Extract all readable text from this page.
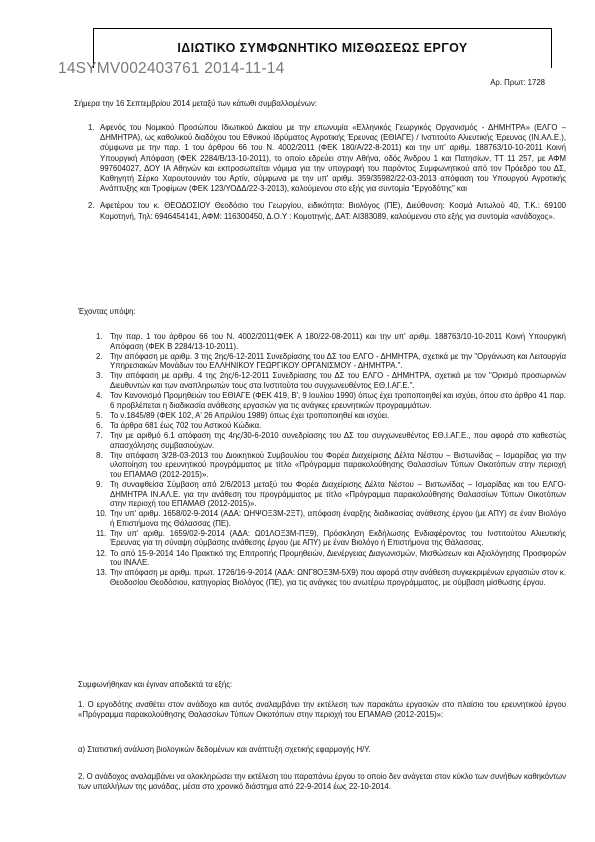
ΙΔΙΩΤΙΚΟ ΣΥΜΦΩΝΗΤΙΚΟ ΜΙΣΘΩΣΕΩΣ ΕΡΓΟΥ
14SYMV002403761 2014-11-14
Αρ. Πρωτ: 1728
Σήμερα την 16 Σεπτεμβρίου 2014 μεταξύ των κάτωθι συμβαλλομένων:
1. Αφενός του Νομικού Προσώπου Ιδιωτικού Δικαίου με την επωνυμία «Ελληνικός Γεωργικός Οργανισμός - ΔΗΜΗΤΡΑ» (ΕΛΓΟ – ΔΗΜΗΤΡΑ), ως καθολικού διαδόχου του Εθνικού Ιδρύματος Αγροτικής Έρευνας (ΕΘΙΑΓΕ) / Ινστιτούτο Αλιευτικής Έρευνας (ΙΝ.ΑΛ.Ε.), σύμφωνα με την παρ. 1 του άρθρου 66 του Ν. 4002/2011 (ΦΕΚ 180/Α/22-8-2011) και την υπ' αριθμ. 188763/10-10-2011 Κοινή Υπουργική Απόφαση (ΦΕΚ 2284/Β/13-10-2011), το οποίο εδρεύει στην Αθήνα, οδός Άνδρου 1 και Πατησίων, ΤΤ 11 257, με ΑΦΜ 997604027, ΔΟΥ ΙΑ Αθηνών και εκπροσωπείται νόμιμα για την υπογραφή του παρόντος Συμφωνητικού από τον Πρόεδρο του ΔΣ, Καθηγητή Σέρκο Χαρουτουνιάν του Αρτίν, σύμφωνα με την υπ' αριθμ. 359/35982/22-03-2013 απόφαση του Υπουργού Αγροτικής Ανάπτυξης και Τροφίμων (ΦΕΚ 123/ΥΟΔΔ/22-3-2013), καλούμενου στο εξής για συντομία "Εργοδότης" και
2. Αφετέρου του κ. ΘΕΟΔΟΣΙΟΥ Θεοδόσιο του Γεωργίου, ειδικότητα: Βιολόγος (ΠΕ), Διεύθυνση: Κοσμά Αιτωλού 40, Τ.Κ.: 69100 Κομοτηνή, Τηλ: 6946454141, ΑΦΜ: 116300450, Δ.Ο.Υ : Κομοτηνής, ΔΑΤ: ΑΙ383089, καλούμενου στο εξής για συντομία «ανάδοχος».
Έχοντας υπόψη:
1. Την παρ. 1 του άρθρου 66 του Ν. 4002/2011(ΦΕΚ Α 180/22-08-2011) και την υπ' αριθμ. 188763/10-10-2011 Κοινή Υπουργική Απόφαση (ΦΕΚ Β 2284/13-10-2011).
2. Την απόφαση με αριθμ. 3 της 2ης/6-12-2011 Συνεδρίασης του ΔΣ του ΕΛΓΟ - ΔΗΜΗΤΡΑ, σχετικά με την "Οργάνωση και Λειτουργία Υπηρεσιακών Μονάδων του ΕΛΛΗΝΙΚΟΥ ΓΕΩΡΓΙΚΟΥ ΟΡΓΑΝΙΣΜΟΥ - ΔΗΜΗΤΡΑ.".
3. Την απόφαση με αριθμ. 4 της 2ης/6-12-2011 Συνεδρίασης του ΔΣ του ΕΛΓΟ - ΔΗΜΗΤΡΑ, σχετικά με τον "Ορισμό προσωρινών Διευθυντών και των αναπληρωτών τους στα Ινστιτούτα του συγχωνευθέντος ΕΘ.Ι.ΑΓ.Ε.".
4. Τον Κανονισμό Προμηθειών του ΕΘΙΑΓΕ (ΦΕΚ 419, Β', 9 Ιουλίου 1990) όπως έχει τροποποιηθεί και ισχύει, όπου στο άρθρο 41 παρ. 6 προβλέπεται η διαδικασία ανάθεσης εργασιών για τις ανάγκες ερευνητικών προγραμμάτων.
5. Το ν.1845/89 (ΦΕΚ 102, Α' 26 Απριλίου 1989) όπως έχει τροποποιηθεί και ισχύει.
6. Τα άρθρα 681 έως 702 του Αστικού Κώδικα.
7. Την με αριθμό 6.1 απόφαση της 4ης/30-6-2010 συνεδρίασης του ΔΣ του συγχωνευθέντος ΕΘ.Ι.ΑΓ.Ε., που αφορά στο καθεστώς απασχόλησης συμβασιούχων.
8. Την απόφαση 3/28-03-2013 του Διοικητικού Συμβουλίου του Φορέα Διαχείρισης Δέλτα Νέστου – Βιστωνίδας – Ισμαρίδας για την υλοποίηση του ερευνητικού προγράμματος με τίτλο «Πρόγραμμα παρακολούθησης Θαλασσίων Τύπων Οικοτόπων στην περιοχή του ΕΠΑΜΑΘ (2012-2015)».
9. Τη συναφθείσα Σύμβαση από 2/6/2013 μεταξύ του Φορέα Διαχείρισης Δέλτα Νέστου – Βιστωνίδας – Ισμαρίδας και του ΕΛΓΟ-ΔΗΜΗΤΡΑ ΙΝ.ΑΛ.Ε. για την ανάθεση του προγράμματος με τίτλο «Πρόγραμμα παρακολούθησης Θαλασσίων Τύπων Οικοτόπων στην περιοχή του ΕΠΑΜΑΘ (2012-2015)».
10. Την υπ' αριθμ. 1658/02-9-2014 (ΑΔΑ: ΩΗΨΟΞ3Μ-2ΞΤ), απόφαση έναρξης διαδικασίας ανάθεσης έργου (με ΑΠΥ) σε έναν Βιολόγο ή Επιστήμονα της Θάλασσας (ΠΕ).
11. Την υπ' αριθμ. 1659/02-9-2014 (ΑΔΑ: Ω01ΛΟΞ3Μ-ΠΞ9), Πρόσκληση Εκδήλωσης Ενδιαφέροντος του Ινστιτούτου Αλιευτικής Έρευνας για τη σύναψη σύμβασης ανάθεσης έργου (με ΑΠΥ) με έναν Βιολόγο ή Επιστήμονα της Θάλασσας.
12. Το από 15-9-2014 14ο Πρακτικό της Επιτροπής Προμηθειών, Διενέργειας Διαγωνισμών, Μισθώσεων και Αξιολόγησης Προσφορών του ΙΝΑΛΕ.
13. Την απόφαση με αριθμ. πρωτ. 1726/16-9-2014 (ΑΔΑ: ΩΝΓ8ΟΞ3Μ-5Χ9) που αφορά στην ανάθεση συγκεκριμένων εργασιών στον κ. Θεοδοσίου Θεοδόσιου, κατηγορίας Βιολόγος (ΠΕ), για τις ανάγκες του ανωτέρω προγράμματος, με σύμβαση μίσθωσης έργου.
Συμφωνήθηκαν και έγιναν αποδεκτά τα εξής:
1. Ο εργοδότης αναθέτει στον ανάδοχο και αυτός αναλαμβάνει την εκτέλεση των παρακάτω εργασιών στο πλαίσιο του ερευνητικού έργου «Πρόγραμμα παρακολούθησης Θαλασσίων Τύπων Οικοτόπων στην περιοχή του ΕΠΑΜΑΘ (2012-2015)»:
α) Στατιστική ανάλυση βιολογικών δεδομένων και ανάπτυξη σχετικής εφαρμογής Η/Υ.
2. Ο ανάδοχος αναλαμβάνει να ολοκληρώσει την εκτέλεση του παραπάνω έργου το οποίο δεν ανάγεται στον κύκλο των συνήθων καθηκόντων των υπαλλήλων της μονάδας, μέσα στο χρονικό διάστημα από 22-9-2014 έως 22-10-2014.
